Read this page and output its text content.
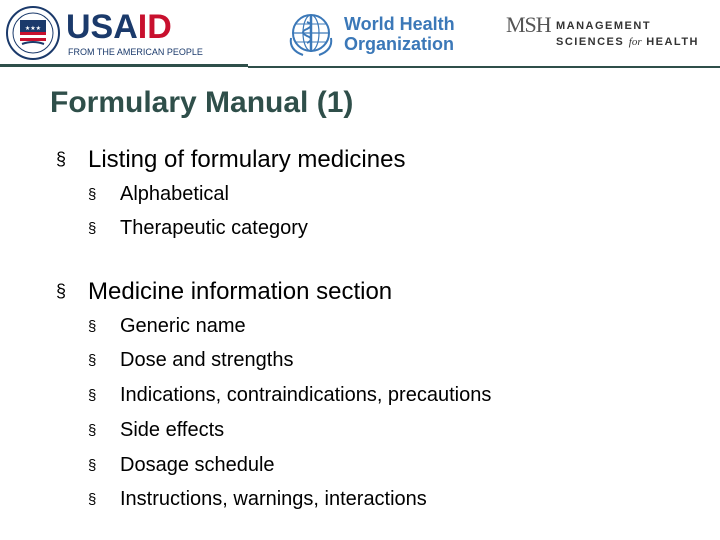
★★★ USAID
FROM THE AMERICAN PEOPLE
World Health
Organization
MSH MANAGEMENT
SCIENCES for HEALTH
Formulary Manual (1)
§ Listing of formulary medicines
§ Alphabetical
§ Therapeutic category
§ Medicine information section
§ Generic name
§ Dose and strengths
§ Indications, contraindications, precautions
§ Side effects
§ Dosage schedule
§ Instructions, warnings, interactions
